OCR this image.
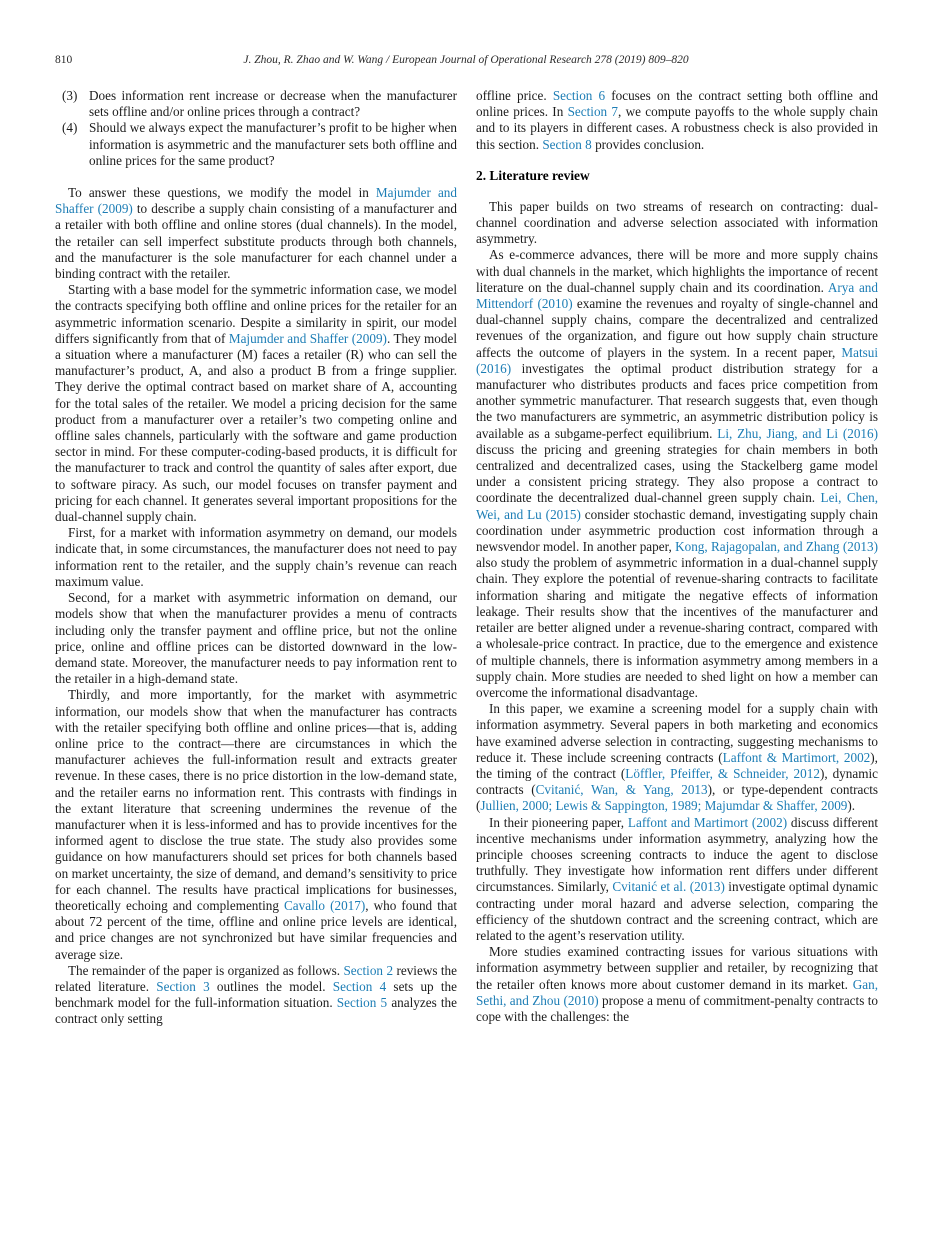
810	J. Zhou, R. Zhao and W. Wang / European Journal of Operational Research 278 (2019) 809–820
(3) Does information rent increase or decrease when the manufacturer sets offline and/or online prices through a contract?
(4) Should we always expect the manufacturer’s profit to be higher when information is asymmetric and the manufacturer sets both offline and online prices for the same product?

To answer these questions, we modify the model in Majumder and Shaffer (2009) to describe a supply chain consisting of a manufacturer and a retailer with both offline and online stores (dual channels). In the model, the retailer can sell imperfect substitute products through both channels, and the manufacturer is the sole manufacturer for each channel under a binding contract with the retailer.

Starting with a base model for the symmetric information case, we model the contracts specifying both offline and online prices for the retailer for an asymmetric information scenario. Despite a similarity in spirit, our model differs significantly from that of Majumder and Shaffer (2009). They model a situation where a manufacturer (M) faces a retailer (R) who can sell the manufacturer’s product, A, and also a product B from a fringe supplier. They derive the optimal contract based on market share of A, accounting for the total sales of the retailer. We model a pricing decision for the same product from a manufacturer over a retailer’s two competing online and offline sales channels, particularly with the software and game production sector in mind. For these computer-coding-based products, it is difficult for the manufacturer to track and control the quantity of sales after export, due to software piracy. As such, our model focuses on transfer payment and pricing for each channel. It generates several important propositions for the dual-channel supply chain.

First, for a market with information asymmetry on demand, our models indicate that, in some circumstances, the manufacturer does not need to pay information rent to the retailer, and the supply chain’s revenue can reach maximum value.

Second, for a market with asymmetric information on demand, our models show that when the manufacturer provides a menu of contracts including only the transfer payment and offline price, but not the online price, online and offline prices can be distorted downward in the low-demand state. Moreover, the manufacturer needs to pay information rent to the retailer in a high-demand state.

Thirdly, and more importantly, for the market with asymmetric information, our models show that when the manufacturer has contracts with the retailer specifying both offline and online prices—that is, adding online price to the contract—there are circumstances in which the manufacturer achieves the full-information result and extracts greater revenue. In these cases, there is no price distortion in the low-demand state, and the retailer earns no information rent. This contrasts with findings in the extant literature that screening undermines the revenue of the manufacturer when it is less-informed and has to provide incentives for the informed agent to disclose the true state. The study also provides some guidance on how manufacturers should set prices for both channels based on market uncertainty, the size of demand, and demand’s sensitivity to price for each channel. The results have practical implications for businesses, theoretically echoing and complementing Cavallo (2017), who found that about 72 percent of the time, offline and online price levels are identical, and price changes are not synchronized but have similar frequencies and average size.

The remainder of the paper is organized as follows. Section 2 reviews the related literature. Section 3 outlines the model. Section 4 sets up the benchmark model for the full-information situation. Section 5 analyzes the contract only setting

offline price. Section 6 focuses on the contract setting both offline and online prices. In Section 7, we compute payoffs to the whole supply chain and to its players in different cases. A robustness check is also provided in this section. Section 8 provides conclusion.

2. Literature review

This paper builds on two streams of research on contracting: dual-channel coordination and adverse selection associated with information asymmetry.

As e-commerce advances, there will be more and more supply chains with dual channels in the market, which highlights the importance of recent literature on the dual-channel supply chain and its coordination. Arya and Mittendorf (2010) examine the revenues and royalty of single-channel and dual-channel supply chains, compare the decentralized and centralized revenues of the organization, and figure out how supply chain structure affects the outcome of players in the system. In a recent paper, Matsui (2016) investigates the optimal product distribution strategy for a manufacturer who distributes products and faces price competition from another symmetric manufacturer. That research suggests that, even though the two manufacturers are symmetric, an asymmetric distribution policy is available as a subgame-perfect equilibrium. Li, Zhu, Jiang, and Li (2016) discuss the pricing and greening strategies for chain members in both centralized and decentralized cases, using the Stackelberg game model under a consistent pricing strategy. They also propose a contract to coordinate the decentralized dual-channel green supply chain. Lei, Chen, Wei, and Lu (2015) consider stochastic demand, investigating supply chain coordination under asymmetric production cost information through a newsvendor model. In another paper, Kong, Rajagopalan, and Zhang (2013) also study the problem of asymmetric information in a dual-channel supply chain. They explore the potential of revenue-sharing contracts to facilitate information sharing and mitigate the negative effects of information leakage. Their results show that the incentives of the manufacturer and retailer are better aligned under a revenue-sharing contract, compared with a wholesale-price contract. In practice, due to the emergence and existence of multiple channels, there is information asymmetry among members in a supply chain. More studies are needed to shed light on how a member can overcome the informational disadvantage.

In this paper, we examine a screening model for a supply chain with information asymmetry. Several papers in both marketing and economics have examined adverse selection in contracting, suggesting mechanisms to reduce it. These include screening contracts (Laffont & Martimort, 2002), the timing of the contract (Löffler, Pfeiffer, & Schneider, 2012), dynamic contracts (Cvitanić, Wan, & Yang, 2013), or type-dependent contracts (Jullien, 2000; Lewis & Sappington, 1989; Majumdar & Shaffer, 2009).

In their pioneering paper, Laffont and Martimort (2002) discuss different incentive mechanisms under information asymmetry, analyzing how the principle chooses screening contracts to induce the agent to disclose truthfully. They investigate how information rent differs under different circumstances. Similarly, Cvitanić et al. (2013) investigate optimal dynamic contracting under moral hazard and adverse selection, comparing the efficiency of the shutdown contract and the screening contract, which are related to the agent’s reservation utility.

More studies examined contracting issues for various situations with information asymmetry between supplier and retailer, by recognizing that the retailer often knows more about customer demand in its market. Gan, Sethi, and Zhou (2010) propose a menu of commitment-penalty contracts to cope with the challenges: the
